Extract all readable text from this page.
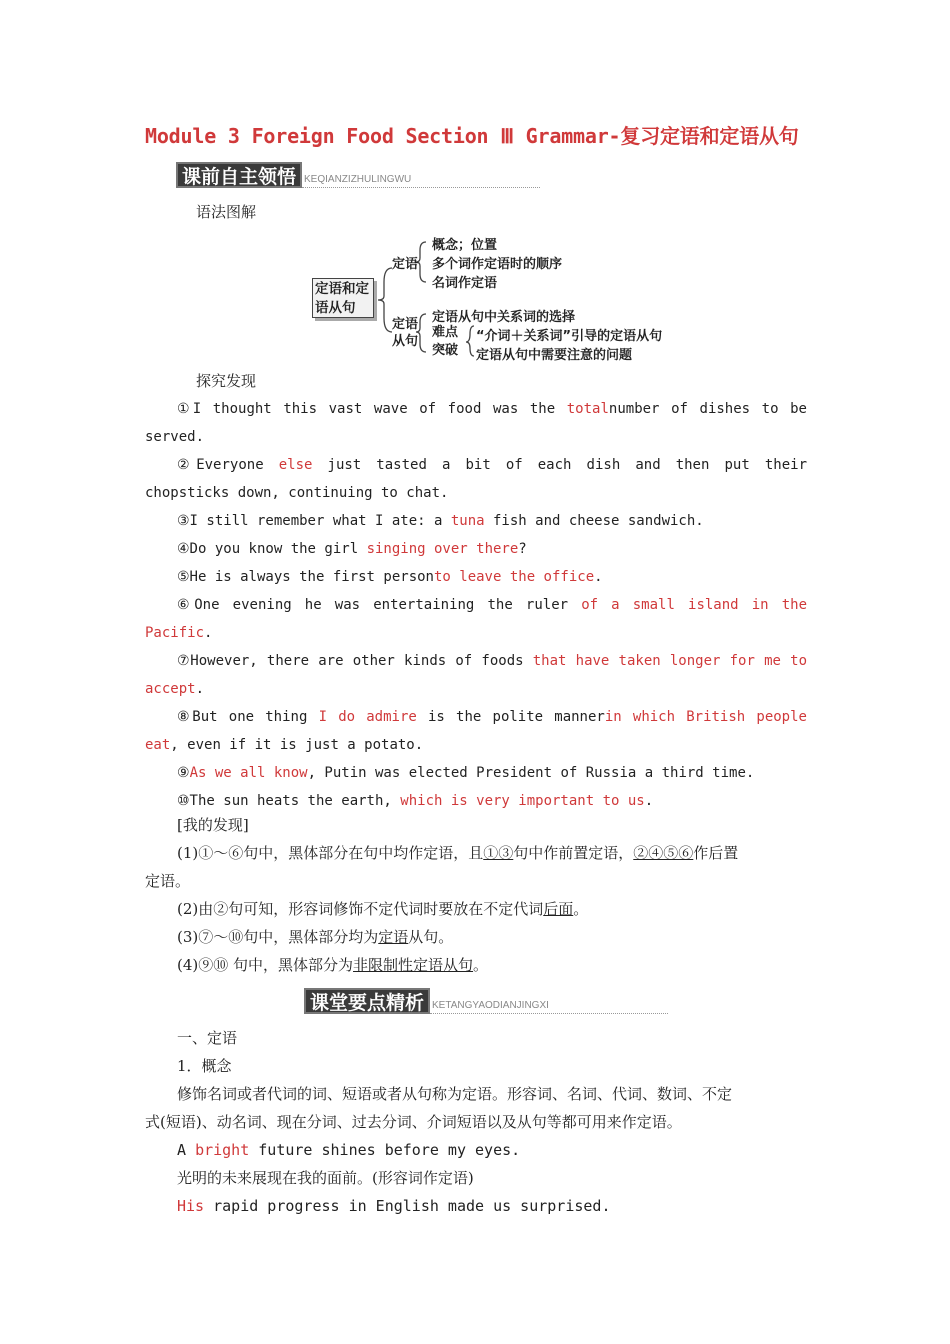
Module 3 Foreign Food Section Ⅲ Grammar-复习定语和定语从句
课前自主领悟 KEQIANZIZHULINGWU
语法图解
定语和定语从句
定语
概念；位置
多个词作定语时的顺序
名词作定语
定语从句
定语从句中关系词的选择
难点突破
“介词＋关系词”引导的定语从句
定语从句中需要注意的问题
探究发现
①I thought this vast wave of food was the totalnumber of dishes to be
served.
②Everyone else just tasted a bit of each dish and then put their
chopsticks down, continuing to chat.
③I still remember what I ate: a tuna fish and cheese sandwich.
④Do you know the girl singing over there?
⑤He is always the first personto leave the office.
⑥One evening he was entertaining the ruler of a small island in the
Pacific.
⑦However, there are other kinds of foods that have taken longer for me to
accept.
⑧But one thing I do admire is the polite mannerin which British people
eat, even if it is just a potato.
⑨As we all know, Putin was elected President of Russia a third time.
⑩The sun heats the earth, which is very important to us.
[我的发现]
(1)①～⑥句中，黑体部分在句中均作定语，且①③句中作前置定语，②④⑤⑥作后置
定语。
(2)由②句可知，形容词修饰不定代词时要放在不定代词后面。
(3)⑦～⑩句中，黑体部分均为定语从句。
(4)⑨⑩ 句中，黑体部分为非限制性定语从句。
课堂要点精析 KETANGYAODIANJINGXI
一、定语
1．概念
修饰名词或者代词的词、短语或者从句称为定语。形容词、名词、代词、数词、不定
式(短语)、动名词、现在分词、过去分词、介词短语以及从句等都可用来作定语。
A bright future shines before my eyes.
光明的未来展现在我的面前。(形容词作定语)
His rapid progress in English made us surprised.
